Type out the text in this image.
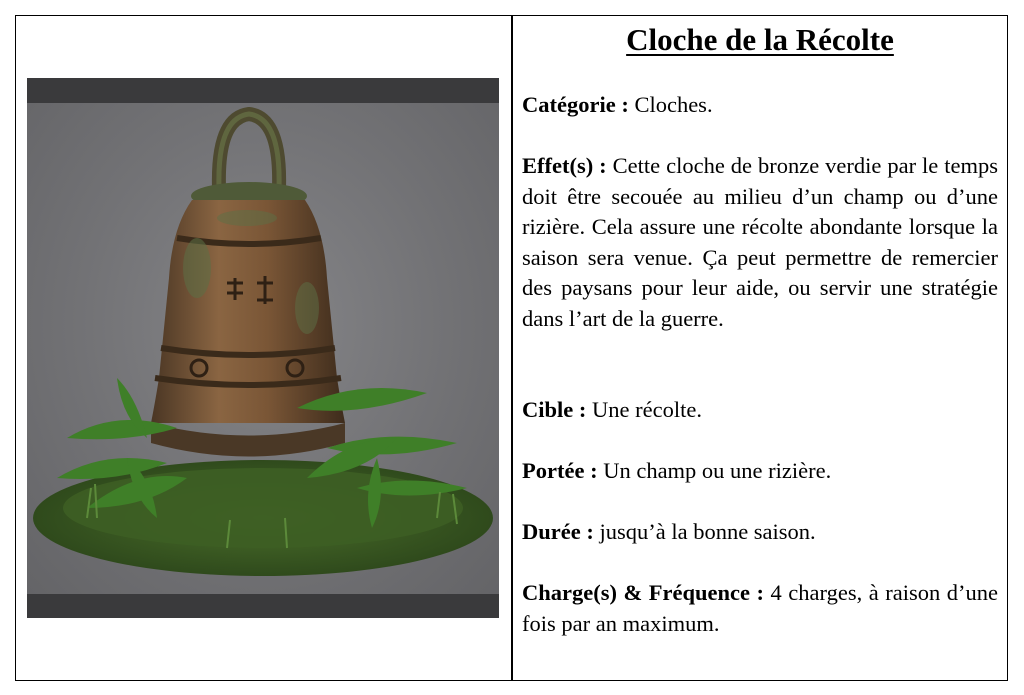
Cloche de la Récolte
Catégorie : Cloches.
Effet(s) : Cette cloche de bronze verdie par le temps doit être secouée au milieu d’un champ ou d’une rizière. Cela assure une récolte abondante lorsque la saison sera venue. Ça peut permettre de remercier des paysans pour leur aide, ou servir une stratégie dans l’art de la guerre.
Cible : Une récolte.
Portée : Un champ ou une rizière.
Durée : jusqu’à la bonne saison.
Charge(s) & Fréquence : 4 charges, à raison d’une fois par an maximum.
